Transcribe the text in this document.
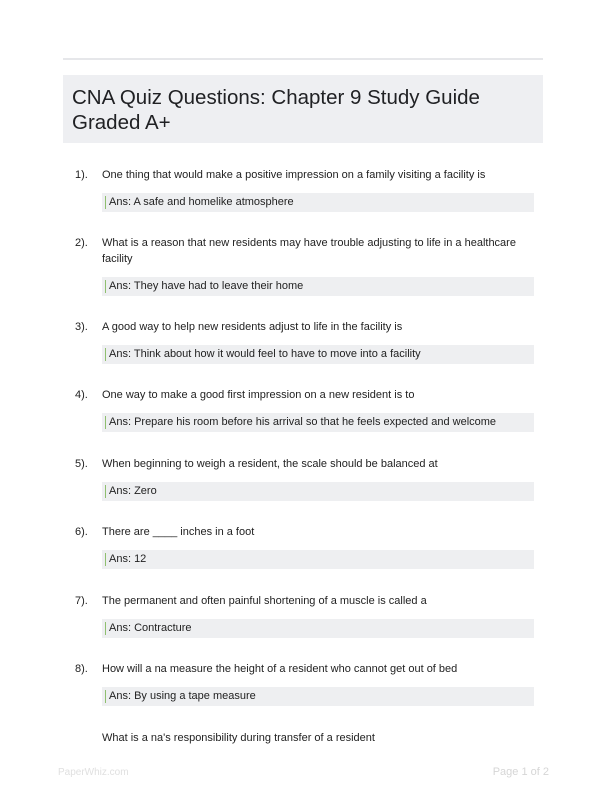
CNA Quiz Questions: Chapter 9 Study Guide Graded A+
1). One thing that would make a positive impression on a family visiting a facility is
Ans: A safe and homelike atmosphere
2). What is a reason that new residents may have trouble adjusting to life in a healthcare facility
Ans: They have had to leave their home
3). A good way to help new residents adjust to life in the facility is
Ans: Think about how it would feel to have to move into a facility
4). One way to make a good first impression on a new resident is to
Ans: Prepare his room before his arrival so that he feels expected and welcome
5). When beginning to weigh a resident, the scale should be balanced at
Ans: Zero
6). There are ____ inches in a foot
Ans: 12
7). The permanent and often painful shortening of a muscle is called a
Ans: Contracture
8). How will a na measure the height of a resident who cannot get out of bed
Ans: By using a tape measure
What is a na's responsibility during transfer of a resident
PaperWhiz.com	Page 1 of 2
